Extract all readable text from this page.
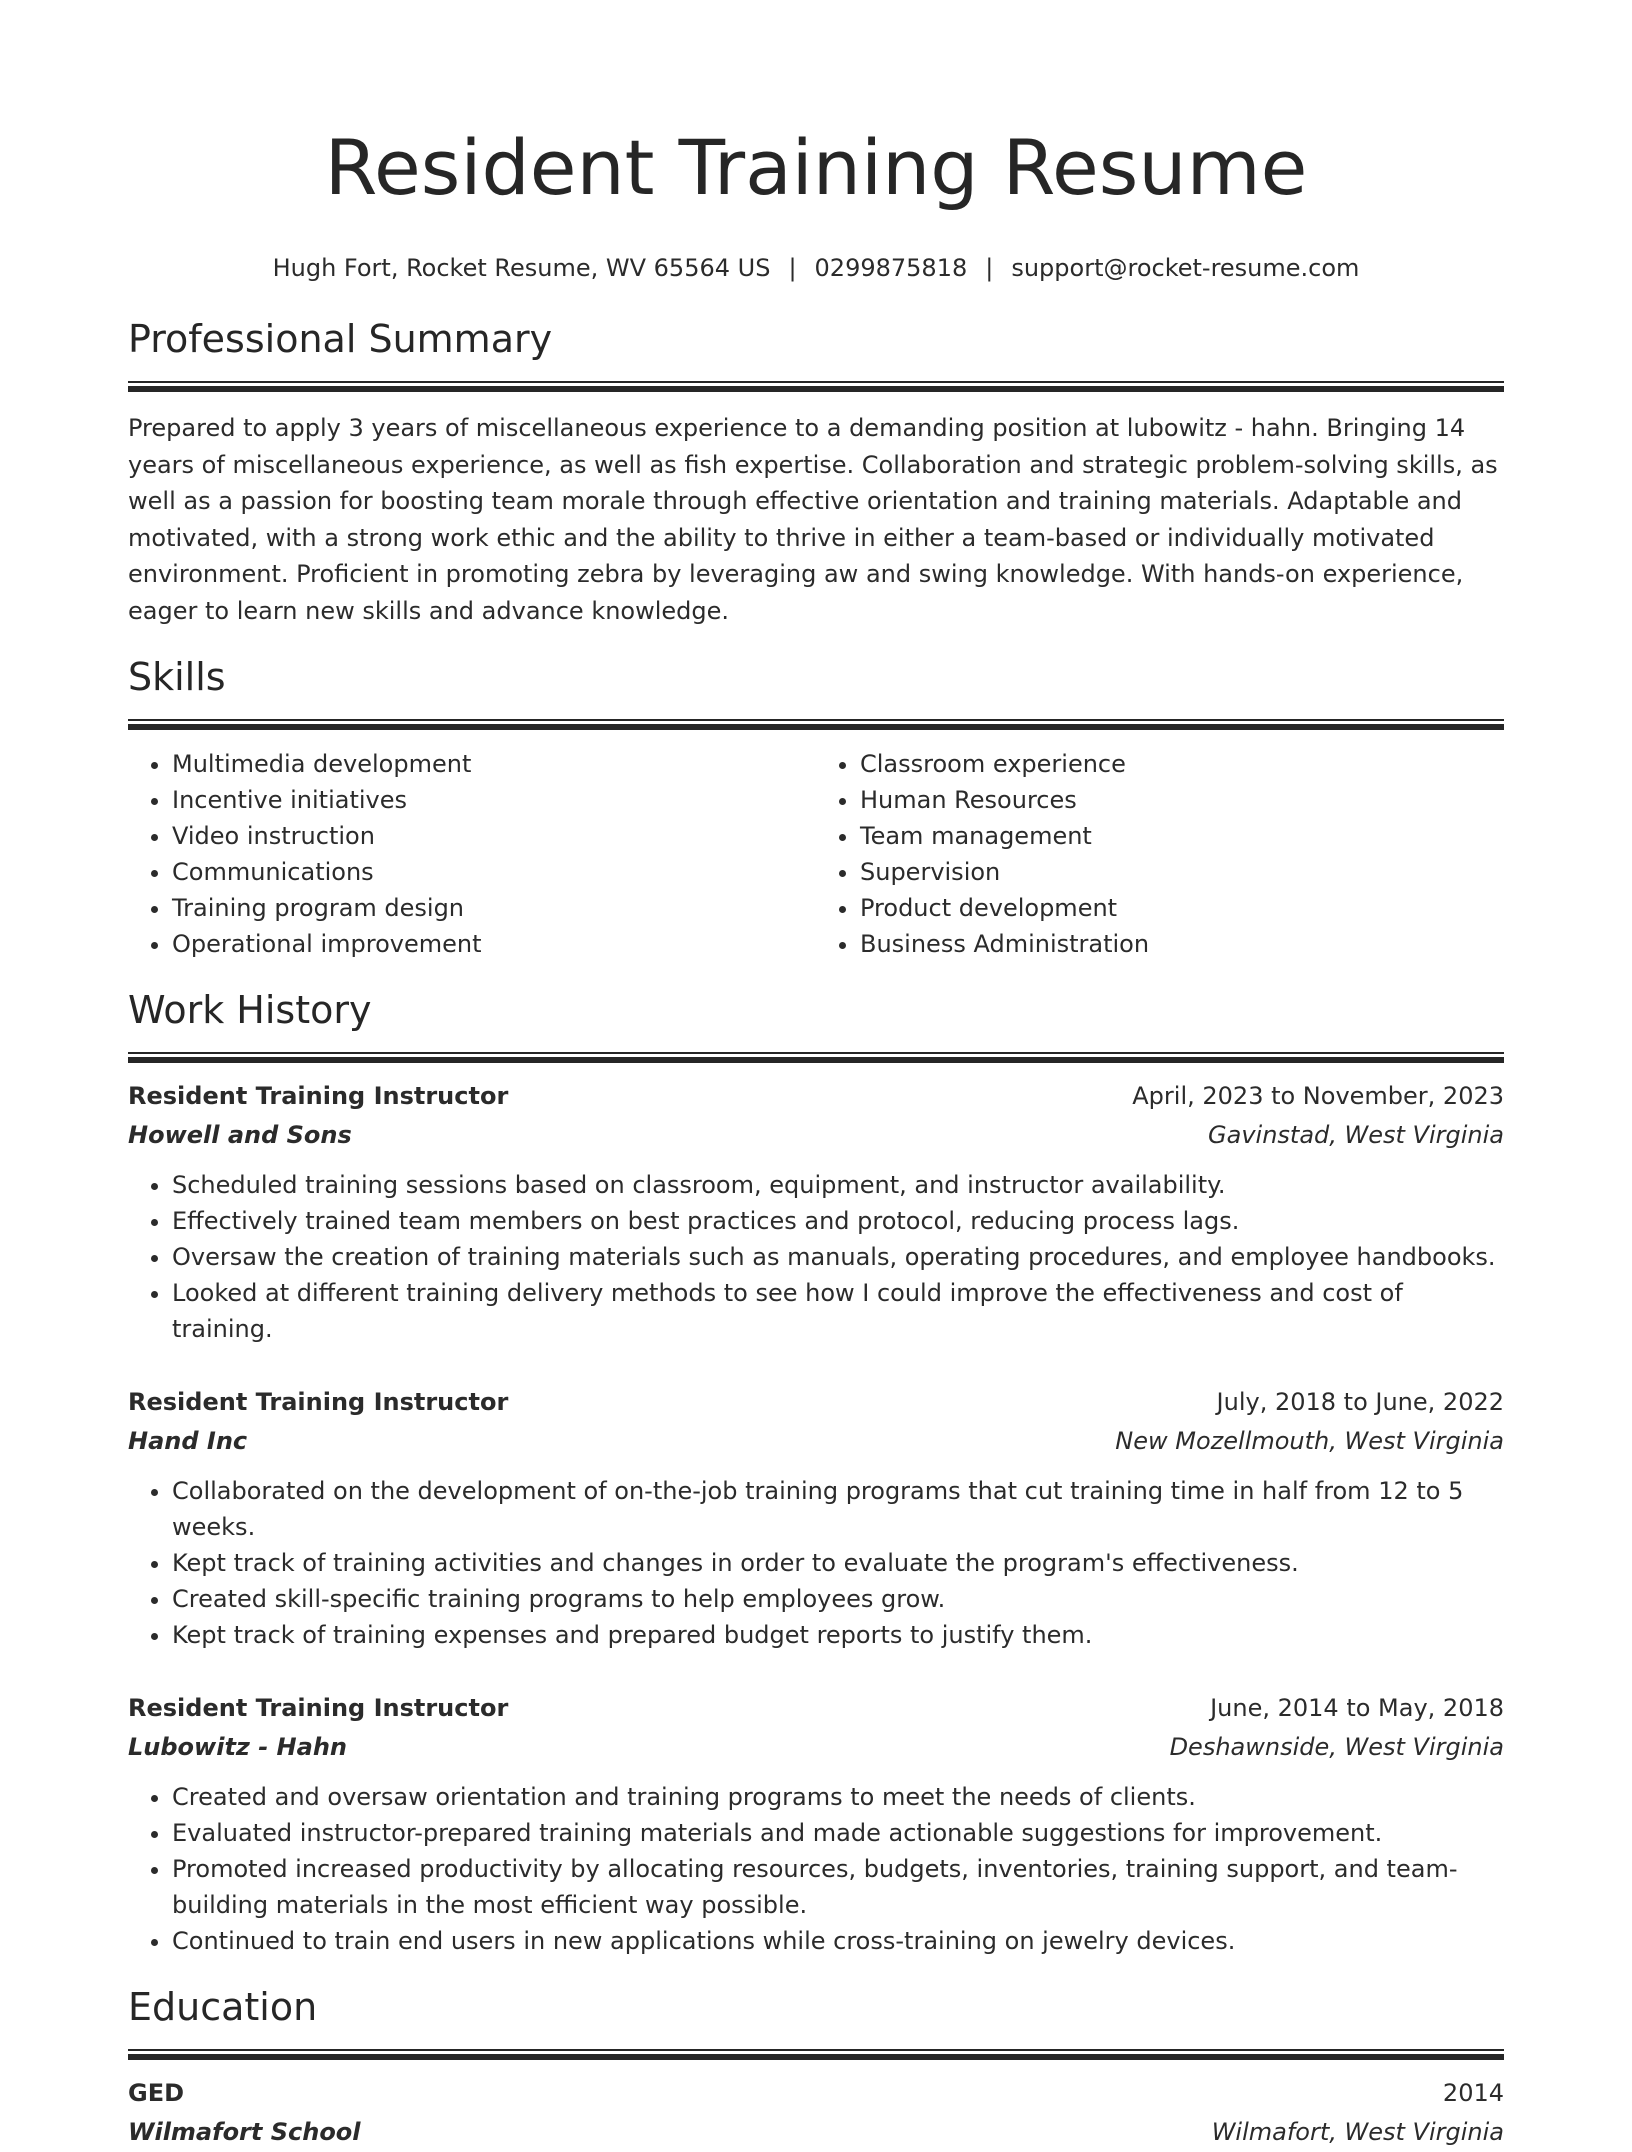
Resident Training Resume
Hugh Fort, Rocket Resume, WV 65564 US | 0299875818 | support@rocket-resume.com
Professional Summary

Prepared to apply 3 years of miscellaneous experience to a demanding position at lubowitz - hahn. Bringing 14 years of miscellaneous experience, as well as fish expertise. Collaboration and strategic problem-solving skills, as well as a passion for boosting team morale through effective orientation and training materials. Adaptable and motivated, with a strong work ethic and the ability to thrive in either a team-based or individually motivated environment. Proficient in promoting zebra by leveraging aw and swing knowledge. With hands-on experience, eager to learn new skills and advance knowledge.

Skills
• Multimedia development
• Incentive initiatives
• Video instruction
• Communications
• Training program design
• Operational improvement
• Classroom experience
• Human Resources
• Team management
• Supervision
• Product development
• Business Administration
Work History
Resident Training Instructor	April, 2023 to November, 2023
Howell and Sons	Gavinstad, West Virginia
• Scheduled training sessions based on classroom, equipment, and instructor availability.
• Effectively trained team members on best practices and protocol, reducing process lags.
• Oversaw the creation of training materials such as manuals, operating procedures, and employee handbooks.
• Looked at different training delivery methods to see how I could improve the effectiveness and cost of training.
Resident Training Instructor	July, 2018 to June, 2022
Hand Inc	New Mozellmouth, West Virginia
• Collaborated on the development of on-the-job training programs that cut training time in half from 12 to 5 weeks.
• Kept track of training activities and changes in order to evaluate the program's effectiveness.
• Created skill-specific training programs to help employees grow.
• Kept track of training expenses and prepared budget reports to justify them.
Resident Training Instructor	June, 2014 to May, 2018
Lubowitz - Hahn	Deshawnside, West Virginia
• Created and oversaw orientation and training programs to meet the needs of clients.
• Evaluated instructor-prepared training materials and made actionable suggestions for improvement.
• Promoted increased productivity by allocating resources, budgets, inventories, training support, and team-building materials in the most efficient way possible.
• Continued to train end users in new applications while cross-training on jewelry devices.
Education
GED	2014
Wilmafort School	Wilmafort, West Virginia
